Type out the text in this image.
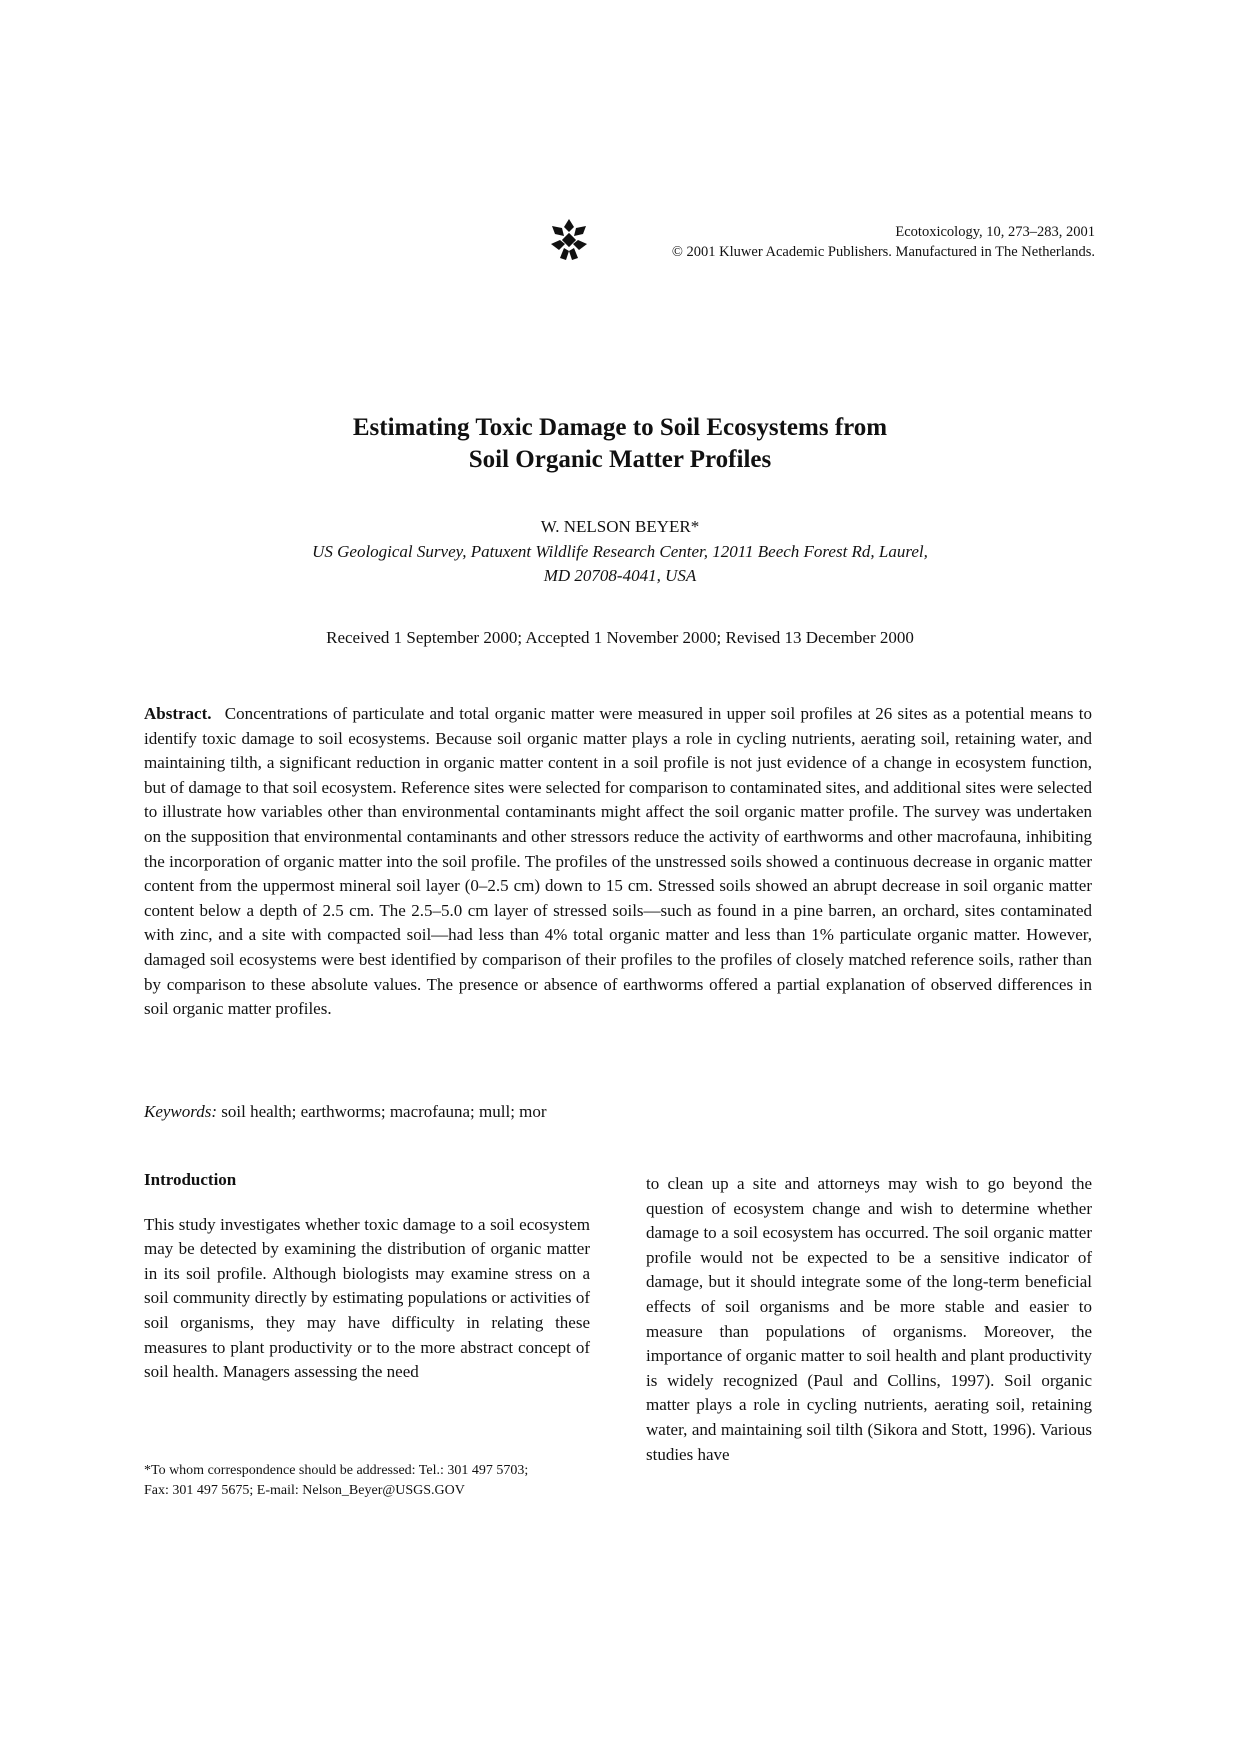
Ecotoxicology, 10, 273–283, 2001
© 2001 Kluwer Academic Publishers. Manufactured in The Netherlands.
Estimating Toxic Damage to Soil Ecosystems from
Soil Organic Matter Profiles
W. NELSON BEYER*
US Geological Survey, Patuxent Wildlife Research Center, 12011 Beech Forest Rd, Laurel,
MD 20708-4041, USA
Received 1 September 2000; Accepted 1 November 2000; Revised 13 December 2000
Abstract. Concentrations of particulate and total organic matter were measured in upper soil profiles at 26 sites as a potential means to identify toxic damage to soil ecosystems. Because soil organic matter plays a role in cycling nutrients, aerating soil, retaining water, and maintaining tilth, a significant reduction in organic matter content in a soil profile is not just evidence of a change in ecosystem function, but of damage to that soil ecosystem. Reference sites were selected for comparison to contaminated sites, and additional sites were selected to illustrate how variables other than environmental contaminants might affect the soil organic matter profile. The survey was undertaken on the supposition that environmental contaminants and other stressors reduce the activity of earthworms and other macrofauna, inhibiting the incorporation of organic matter into the soil profile. The profiles of the unstressed soils showed a continuous decrease in organic matter content from the uppermost mineral soil layer (0–2.5 cm) down to 15 cm. Stressed soils showed an abrupt decrease in soil organic matter content below a depth of 2.5 cm. The 2.5–5.0 cm layer of stressed soils—such as found in a pine barren, an orchard, sites contaminated with zinc, and a site with compacted soil—had less than 4% total organic matter and less than 1% particulate organic matter. However, damaged soil ecosystems were best identified by comparison of their profiles to the profiles of closely matched reference soils, rather than by comparison to these absolute values. The presence or absence of earthworms offered a partial explanation of observed differences in soil organic matter profiles.
Keywords: soil health; earthworms; macrofauna; mull; mor
Introduction

This study investigates whether toxic damage to a soil ecosystem may be detected by examining the distribution of organic matter in its soil profile. Although biologists may examine stress on a soil community directly by estimating populations or activities of soil organisms, they may have difficulty in relating these measures to plant productivity or to the more abstract concept of soil health. Managers assessing the need

to clean up a site and attorneys may wish to go beyond the question of ecosystem change and wish to determine whether damage to a soil ecosystem has occurred. The soil organic matter profile would not be expected to be a sensitive indicator of damage, but it should integrate some of the long-term beneficial effects of soil organisms and be more stable and easier to measure than populations of organisms. Moreover, the importance of organic matter to soil health and plant productivity is widely recognized (Paul and Collins, 1997). Soil organic matter plays a role in cycling nutrients, aerating soil, retaining water, and maintaining soil tilth (Sikora and Stott, 1996). Various studies have

*To whom correspondence should be addressed: Tel.: 301 497 5703;
Fax: 301 497 5675; E-mail: Nelson_Beyer@USGS.GOV
